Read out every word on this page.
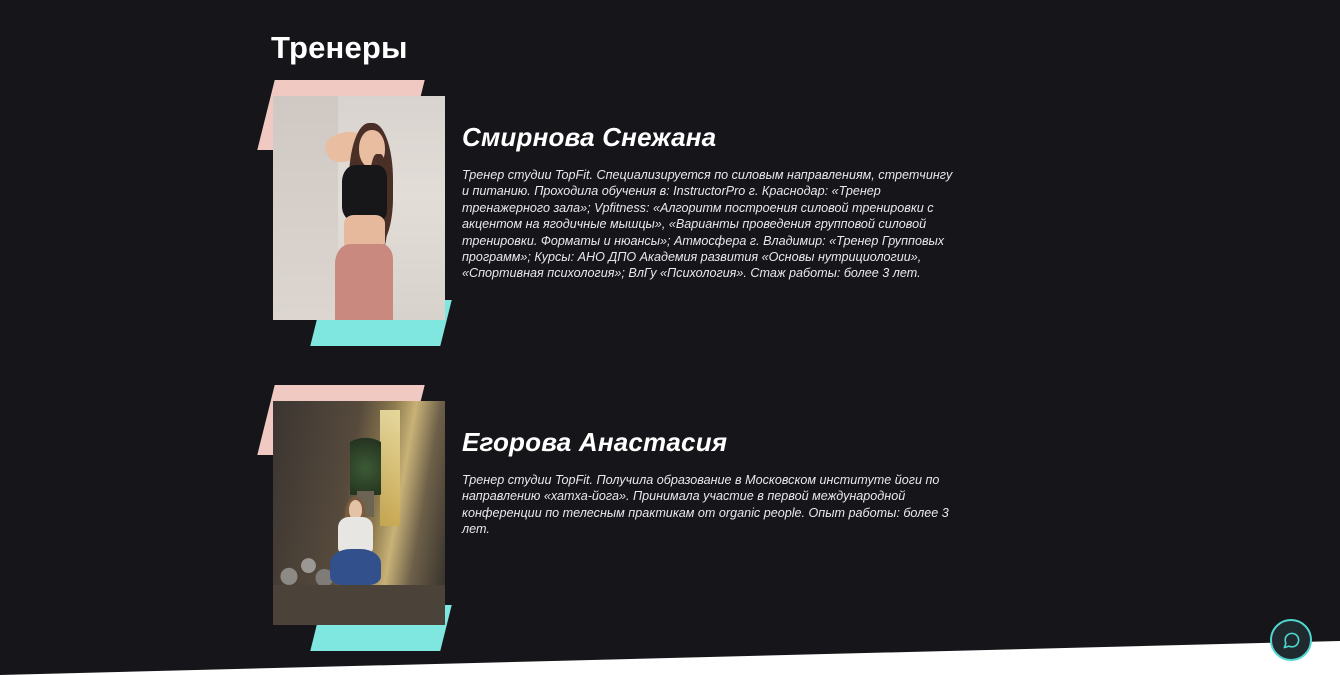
Тренеры
Смирнова Снежана

Тренер студии TopFit. Специализируется по силовым направлениям, стретчингу и питанию. Проходила обучения в: InstructorPro г. Краснодар: «Тренер тренажерного зала»; Vpfitness: «Алгоритм построения силовой тренировки с акцентом на ягодичные мышцы», «Варианты проведения групповой силовой тренировки. Форматы и нюансы»; Атмосфера г. Владимир: «Тренер Групповых программ»; Курсы: АНО ДПО Академия развития «Основы нутрициологии», «Спортивная психология»; ВлГу «Психология». Стаж работы: более 3 лет.

Егорова Анастасия

Тренер студии TopFit. Получила образование в Московском институте йоги по направлению «хатха-йога». Принимала участие в первой международной конференции по телесным практикам от organic people. Опыт работы: более 3 лет.
